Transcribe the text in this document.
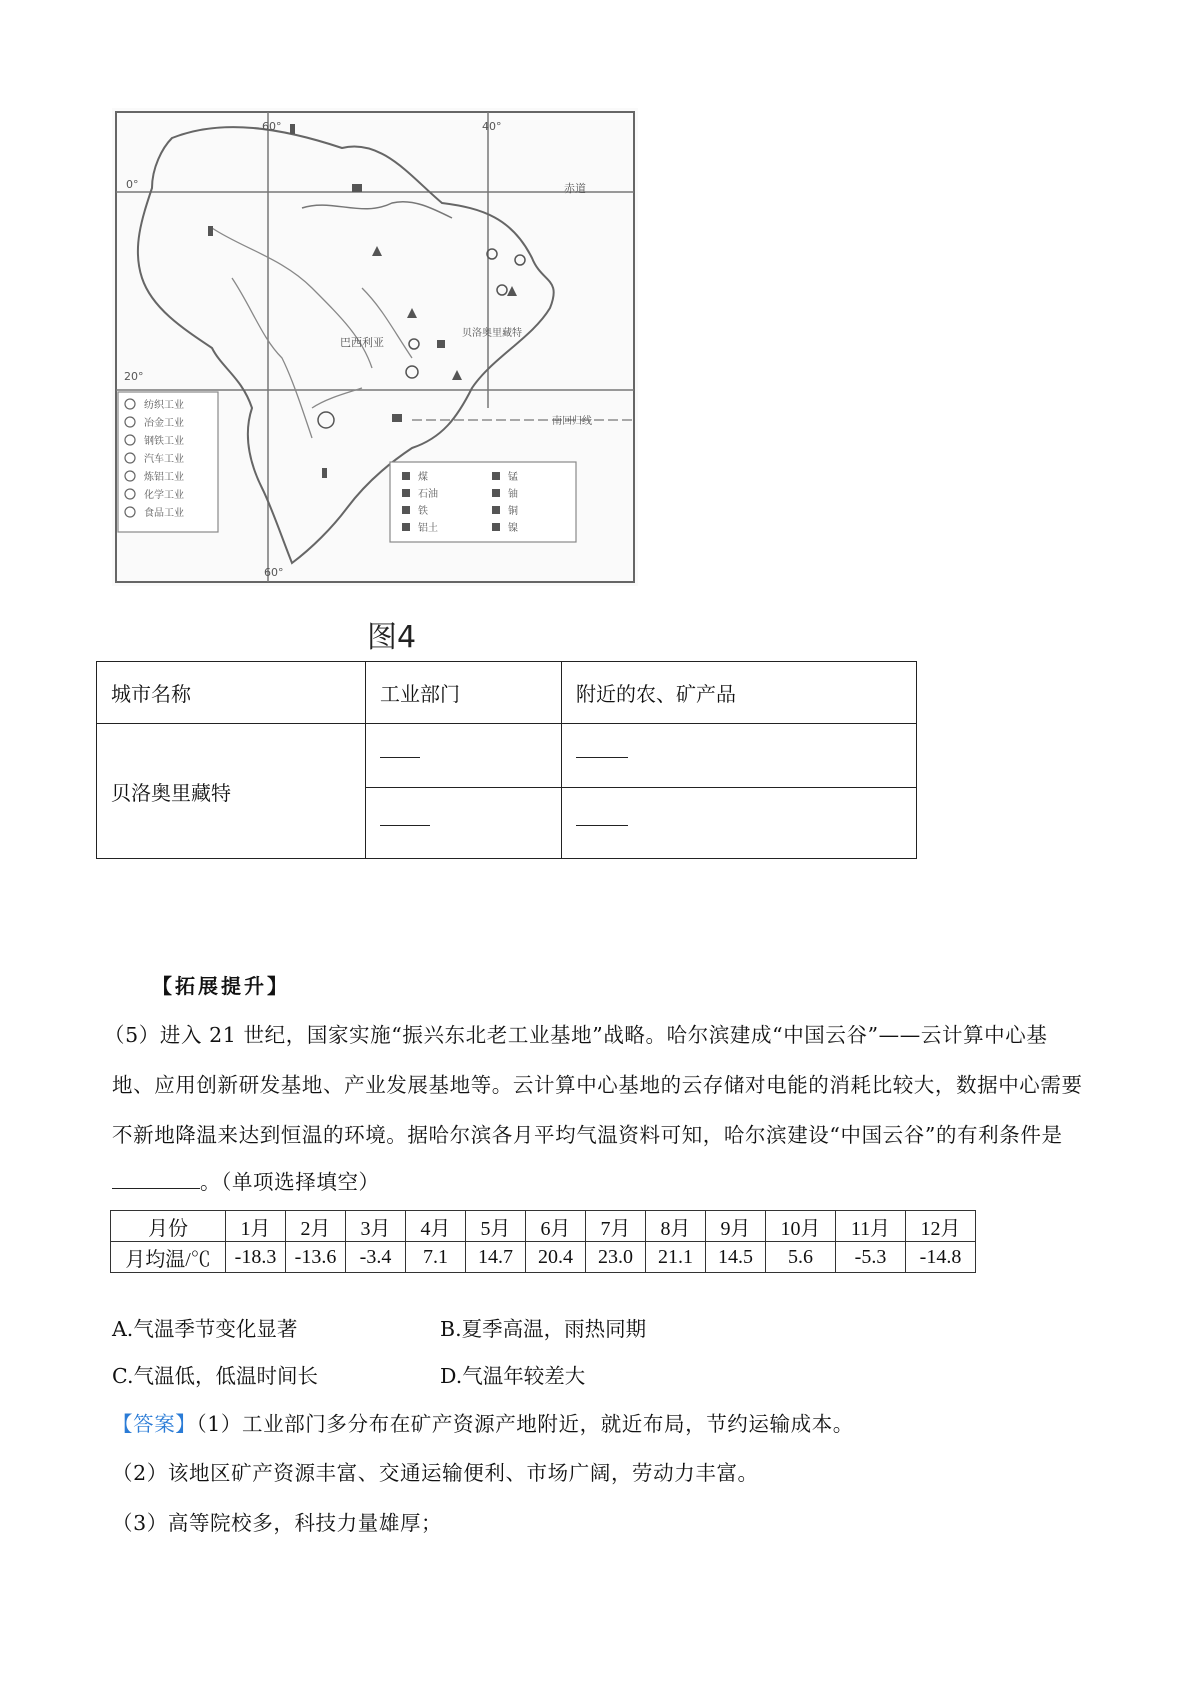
0°
20°
60°	40°
60°
赤道
巴西利亚
贝洛奥里藏特
南回归线
纺织工业
冶金工业
钢铁工业
汽车工业
炼铝工业
化学工业
食品工业
煤
石油
铁
铝土
锰
铀
铜
镍
图4
城市名称	工业部门	附近的农、矿产品
贝洛奥里藏特		

【拓展提升】
（5）进入 21 世纪，国家实施“振兴东北老工业基地”战略。哈尔滨建成“中国云谷”——云计算中心基
地、应用创新研发基地、产业发展基地等。云计算中心基地的云存储对电能的消耗比较大，数据中心需要
不新地降温来达到恒温的环境。据哈尔滨各月平均气温资料可知，哈尔滨建设“中国云谷”的有利条件是
。（单项选择填空）
月份	1月	2月	3月	4月	5月	6月	7月	8月	9月	10月	11月	12月
月均温/℃	-18.3	-13.6	-3.4	7.1	14.7	20.4	23.0	21.1	14.5	5.6	-5.3	-14.8
A.气温季节变化显著	B.夏季高温，雨热同期
C.气温低，低温时间长	D.气温年较差大
【答案】（1）工业部门多分布在矿产资源产地附近，就近布局，节约运输成本。
（2）该地区矿产资源丰富、交通运输便利、市场广阔，劳动力丰富。
（3）高等院校多，科技力量雄厚；
